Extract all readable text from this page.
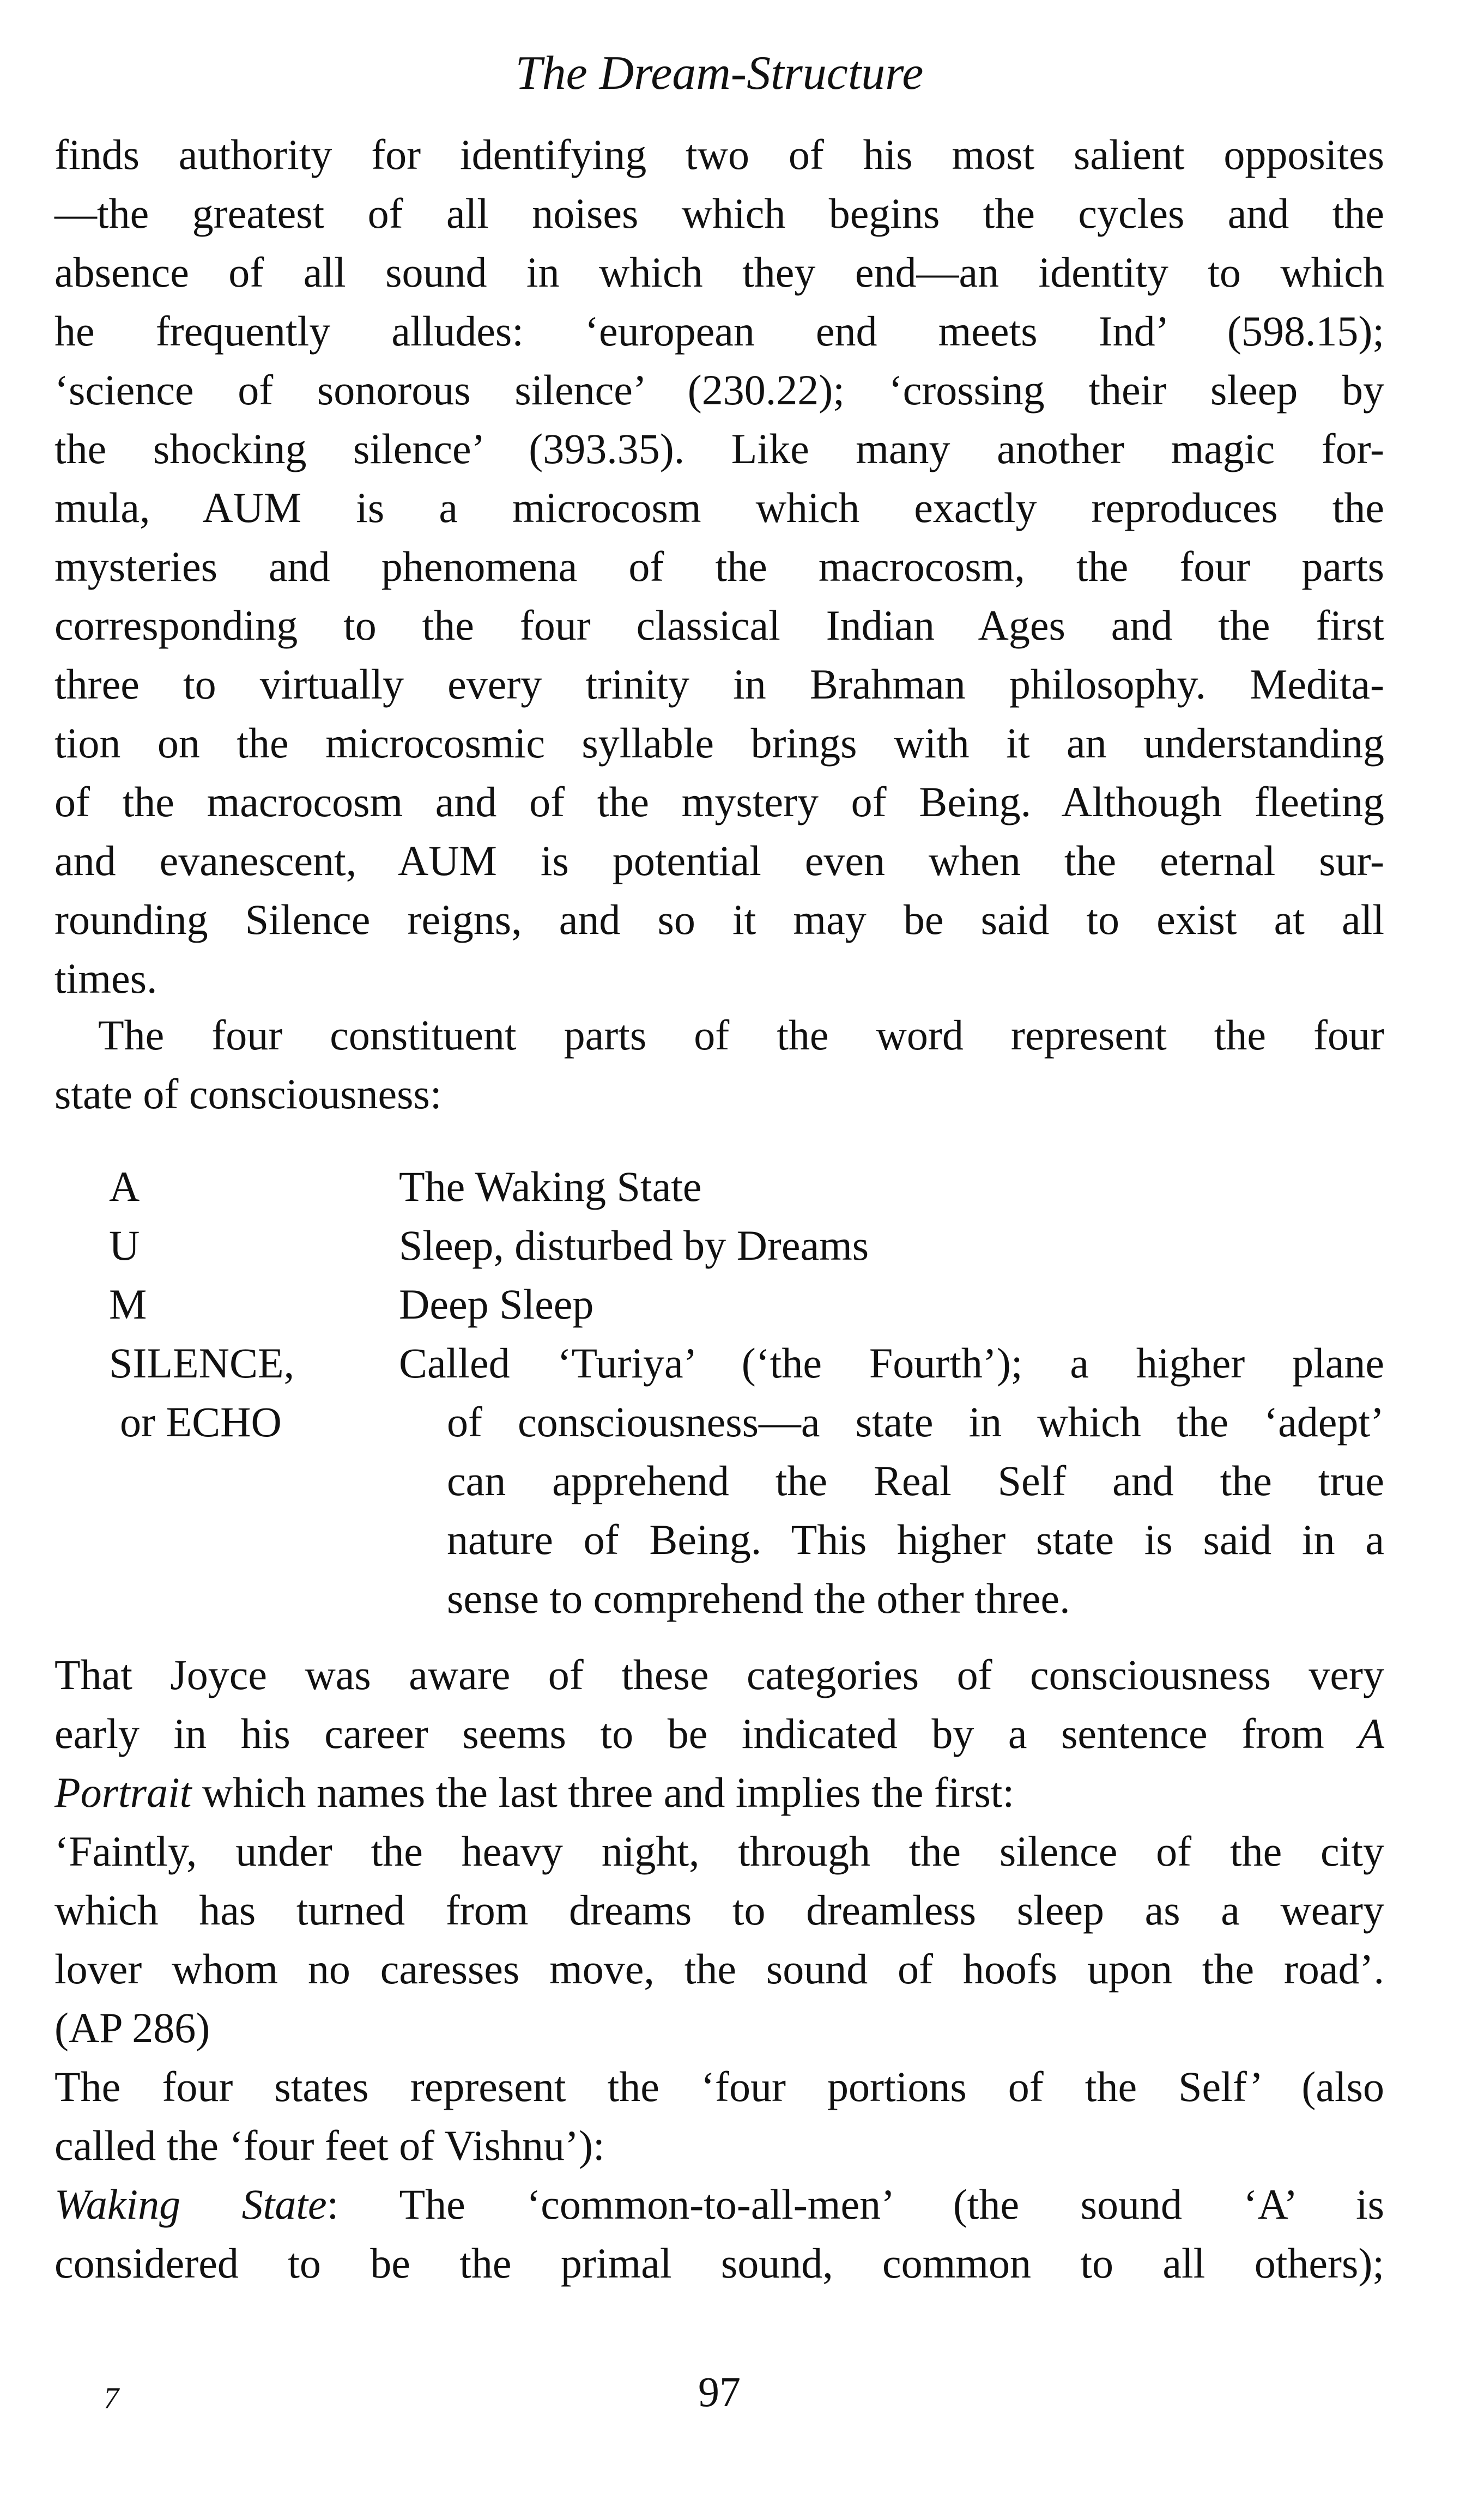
The Dream-Structure
finds authority for identifying two of his most salient opposites
—the greatest of all noises which begins the cycles and the
absence of all sound in which they end—an identity to which
he frequently alludes: ‘european end meets Ind’ (598.15);
‘science of sonorous silence’ (230.22); ‘crossing their sleep by
the shocking silence’ (393.35). Like many another magic for-
mula, AUM is a microcosm which exactly reproduces the
mysteries and phenomena of the macrocosm, the four parts
corresponding to the four classical Indian Ages and the first
three to virtually every trinity in Brahman philosophy. Medita-
tion on the microcosmic syllable brings with it an understanding
of the macrocosm and of the mystery of Being. Although fleeting
and evanescent, AUM is potential even when the eternal sur-
rounding Silence reigns, and so it may be said to exist at all
times.
The four constituent parts of the word represent the four
state of consciousness:
A	The Waking State
U	Sleep, disturbed by Dreams
M	Deep Sleep
SILENCE,	Called ‘Turiya’ (‘the Fourth’); a higher plane
or ECHO	of consciousness—a state in which the ‘adept’
can apprehend the Real Self and the true
nature of Being. This higher state is said in a
sense to comprehend the other three.
That Joyce was aware of these categories of consciousness very
early in his career seems to be indicated by a sentence from A
Portrait which names the last three and implies the first:
‘Faintly, under the heavy night, through the silence of the city
which has turned from dreams to dreamless sleep as a weary
lover whom no caresses move, the sound of hoofs upon the road’.
(AP 286)
The four states represent the ‘four portions of the Self’ (also
called the ‘four feet of Vishnu’):
Waking State: The ‘common-to-all-men’ (the sound ‘A’ is
considered to be the primal sound, common to all others);
7	97
